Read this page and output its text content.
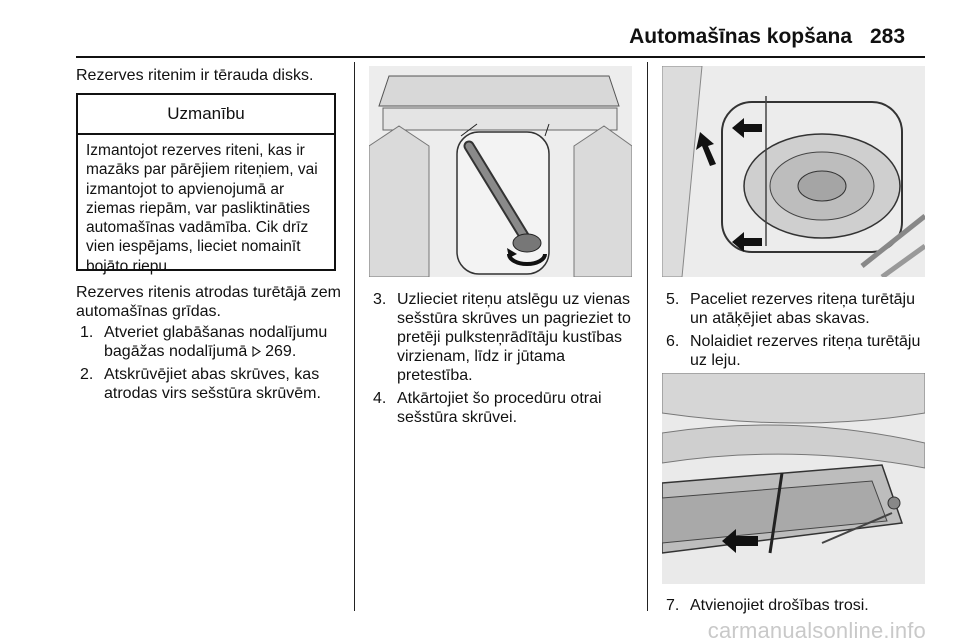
Automašīnas kopšana 283

Rezerves ritenim ir tērauda disks.

Uzmanību
Izmantojot rezerves riteni, kas ir mazāks par pārējiem riteņiem, vai izmantojot to apvienojumā ar ziemas riepām, var pasliktināties automašīnas vadāmība. Cik drīz vien iespējams, lieciet nomainīt bojāto riepu.

Rezerves ritenis atrodas turētājā zem automašīnas grīdas.

1. Atveriet glabāšanas nodalījumu bagāžas nodalījumā 269.
2. Atskrūvējiet abas skrūves, kas atrodas virs sešstūra skrūvēm.
3. Uzlieciet riteņu atslēgu uz vienas sešstūra skrūves un pagrieziet to pretēji pulksteņrādītāju kustības virzienam, līdz ir jūtama pretestība.
4. Atkārtojiet šo procedūru otrai sešstūra skrūvei.
5. Paceliet rezerves riteņa turētāju un atāķējiet abas skavas.
6. Nolaidiet rezerves riteņa turētāju uz leju.
7. Atvienojiet drošības trosi.
carmanualsonline.info
